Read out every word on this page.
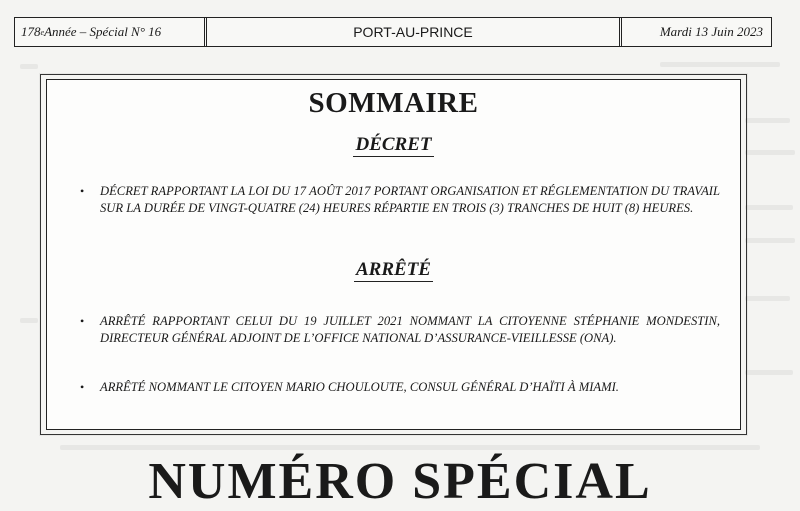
178 e Année – Spécial N° 16	PORT-AU-PRINCE	Mardi 13 Juin 2023
SOMMAIRE
DÉCRET
• DÉCRET RAPPORTANT LA LOI DU 17 AOÛT 2017 PORTANT ORGANISATION ET RÉGLEMENTATION DU TRAVAIL SUR LA DURÉE DE VINGT-QUATRE (24) HEURES RÉPARTIE EN TROIS (3) TRANCHES DE HUIT (8) HEURES.
ARRÊTÉ
• ARRÊTÉ RAPPORTANT CELUI DU 19 JUILLET 2021 NOMMANT LA CITOYENNE STÉPHANIE MONDESTIN, DIRECTEUR GÉNÉRAL ADJOINT DE L’OFFICE NATIONAL D’ASSURANCE-VIEILLESSE (ONA).
• ARRÊTÉ NOMMANT LE CITOYEN MARIO CHOULOUTE, CONSUL GÉNÉRAL D’HAÏTI À MIAMI.
NUMÉRO SPÉCIAL
